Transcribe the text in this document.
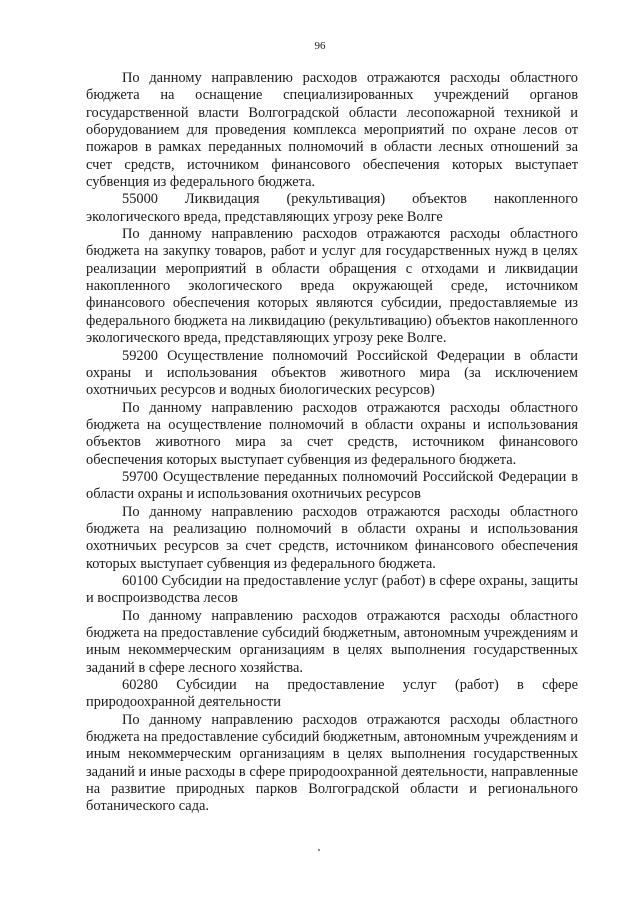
96

По данному направлению расходов отражаются расходы областного бюджета на оснащение специализированных учреждений органов государственной власти Волгоградской области лесопожарной техникой и оборудованием для проведения комплекса мероприятий по охране лесов от пожаров в рамках переданных полномочий в области лесных отношений за счет средств, источником финансового обеспечения которых выступает субвенция из федерального бюджета.

55000 Ликвидация (рекультивация) объектов накопленного экологического вреда, представляющих угрозу реке Волге

По данному направлению расходов отражаются расходы областного бюджета на закупку товаров, работ и услуг для государственных нужд в целях реализации мероприятий в области обращения с отходами и ликвидации накопленного экологического вреда окружающей среде, источником финансового обеспечения которых являются субсидии, предоставляемые из федерального бюджета на ликвидацию (рекультивацию) объектов накопленного экологического вреда, представляющих угрозу реке Волге.

59200 Осуществление полномочий Российской Федерации в области охраны и использования объектов животного мира (за исключением охотничьих ресурсов и водных биологических ресурсов)

По данному направлению расходов отражаются расходы областного бюджета на осуществление полномочий в области охраны и использования объектов животного мира за счет средств, источником финансового обеспечения которых выступает субвенция из федерального бюджета.

59700 Осуществление переданных полномочий Российской Федерации в области охраны и использования охотничьих ресурсов

По данному направлению расходов отражаются расходы областного бюджета на реализацию полномочий в области охраны и использования охотничьих ресурсов за счет средств, источником финансового обеспечения которых выступает субвенция из федерального бюджета.

60100 Субсидии на предоставление услуг (работ) в сфере охраны, защиты и воспроизводства лесов

По данному направлению расходов отражаются расходы областного бюджета на предоставление субсидий бюджетным, автономным учреждениям и иным некоммерческим организациям в целях выполнения государственных заданий в сфере лесного хозяйства.

60280 Субсидии на предоставление услуг (работ) в сфере природоохранной деятельности

По данному направлению расходов отражаются расходы областного бюджета на предоставление субсидий бюджетным, автономным учреждениям и иным некоммерческим организациям в целях выполнения государственных заданий и иные расходы в сфере природоохранной деятельности, направленные на развитие природных парков Волгоградской области и регионального ботанического сада.
